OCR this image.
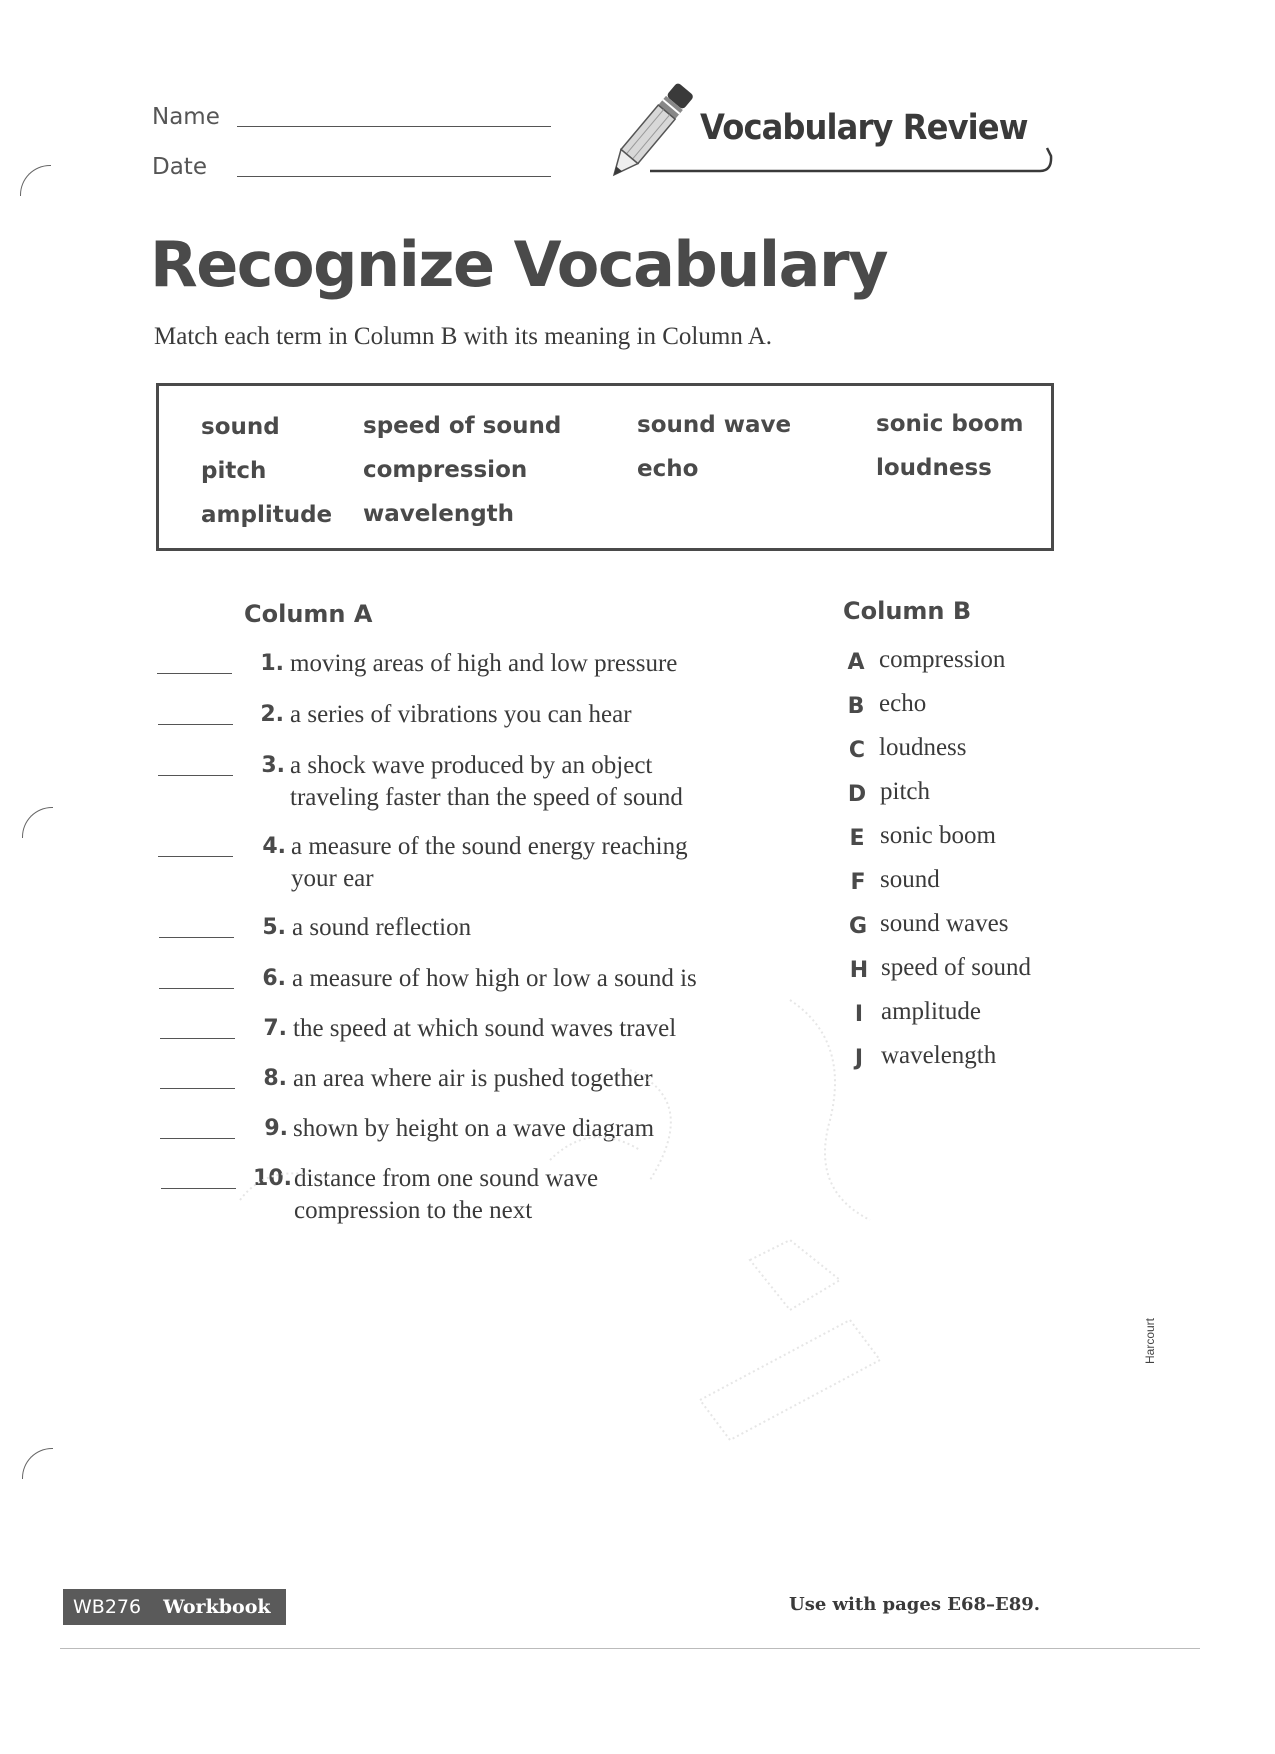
Name
Date
Vocabulary Review
Recognize Vocabulary
Match each term in Column B with its meaning in Column A.
sound
pitch
amplitude
speed of sound
compression
wavelength
sound wave
echo
sonic boom
loudness
Column A	Column B
1. moving areas of high and low pressure
2. a series of vibrations you can hear
3. a shock wave produced by an object traveling faster than the speed of sound
4. a measure of the sound energy reaching your ear
5. a sound reflection
6. a measure of how high or low a sound is
7. the speed at which sound waves travel
8. an area where air is pushed together
9. shown by height on a wave diagram
10. distance from one sound wave compression to the next
A compression
B echo
C loudness
D pitch
E sonic boom
F sound
G sound waves
H speed of sound
I amplitude
J wavelength
WB276 Workbook	Use with pages E68–E89.
Harcourt
